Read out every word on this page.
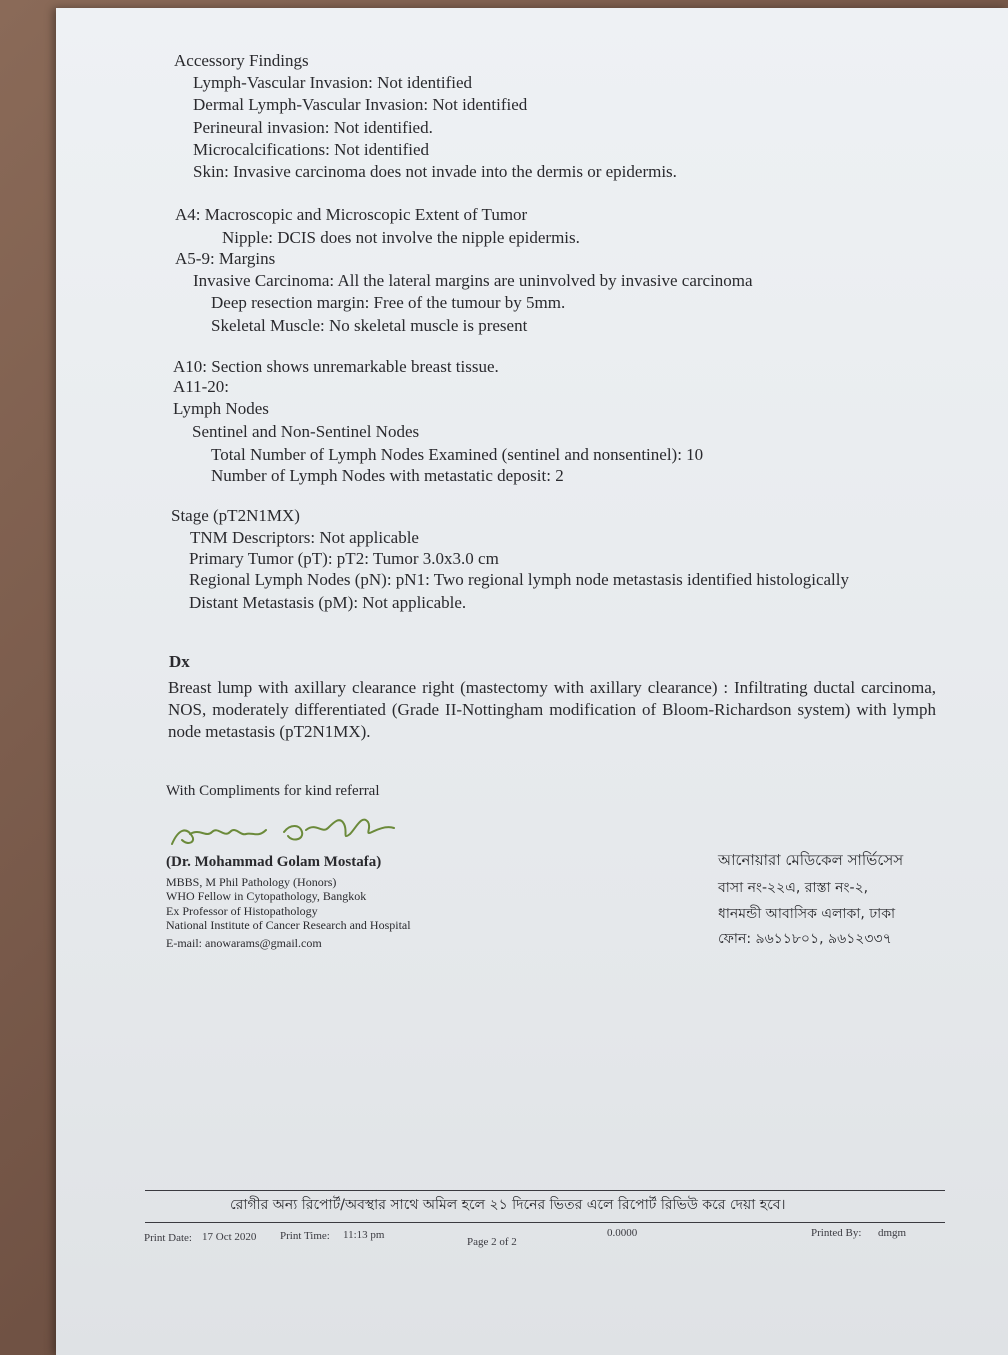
Accessory Findings
Lymph-Vascular Invasion: Not identified
Dermal Lymph-Vascular Invasion: Not identified
Perineural invasion: Not identified.
Microcalcifications: Not identified
Skin: Invasive carcinoma does not invade into the dermis or epidermis.
A4: Macroscopic and Microscopic Extent of Tumor
Nipple: DCIS does not involve the nipple epidermis.
A5-9: Margins
Invasive Carcinoma: All the lateral margins are uninvolved by invasive carcinoma
Deep resection margin: Free of the tumour by 5mm.
Skeletal Muscle: No skeletal muscle is present
A10: Section shows unremarkable breast tissue.
A11-20:
Lymph Nodes
Sentinel and Non-Sentinel Nodes
Total Number of Lymph Nodes Examined (sentinel and nonsentinel): 10
Number of Lymph Nodes with metastatic deposit: 2
Stage (pT2N1MX)
TNM Descriptors: Not applicable
Primary Tumor (pT): pT2: Tumor 3.0x3.0 cm
Regional Lymph Nodes (pN): pN1: Two regional lymph node metastasis identified histologically
Distant Metastasis (pM): Not applicable.
Dx
Breast lump with axillary clearance right (mastectomy with axillary clearance) : Infiltrating ductal carcinoma, NOS, moderately differentiated (Grade II-Nottingham modification of Bloom-Richardson system) with lymph node metastasis (pT2N1MX).
With Compliments for kind referral
(Dr. Mohammad Golam Mostafa)
MBBS, M Phil Pathology (Honors)
WHO Fellow in Cytopathology, Bangkok
Ex Professor of Histopathology
National Institute of Cancer Research and Hospital
E-mail: anowarams@gmail.com
আনোয়ারা মেডিকেল সার্ভিসেস
বাসা নং-২২এ, রাস্তা নং-২,
ধানমন্ডী আবাসিক এলাকা, ঢাকা
ফোন: ৯৬১১৮০১, ৯৬১২৩৩৭
রোগীর অন্য রিপোর্ট/অবস্থার সাথে অমিল হলে ২১ দিনের ভিতর এলে রিপোর্ট রিভিউ করে দেয়া হবে।
Print Date: 17 Oct 2020 Print Time: 11:13 pm
Page 2 of 2
0.0000	Printed By: dmgm
